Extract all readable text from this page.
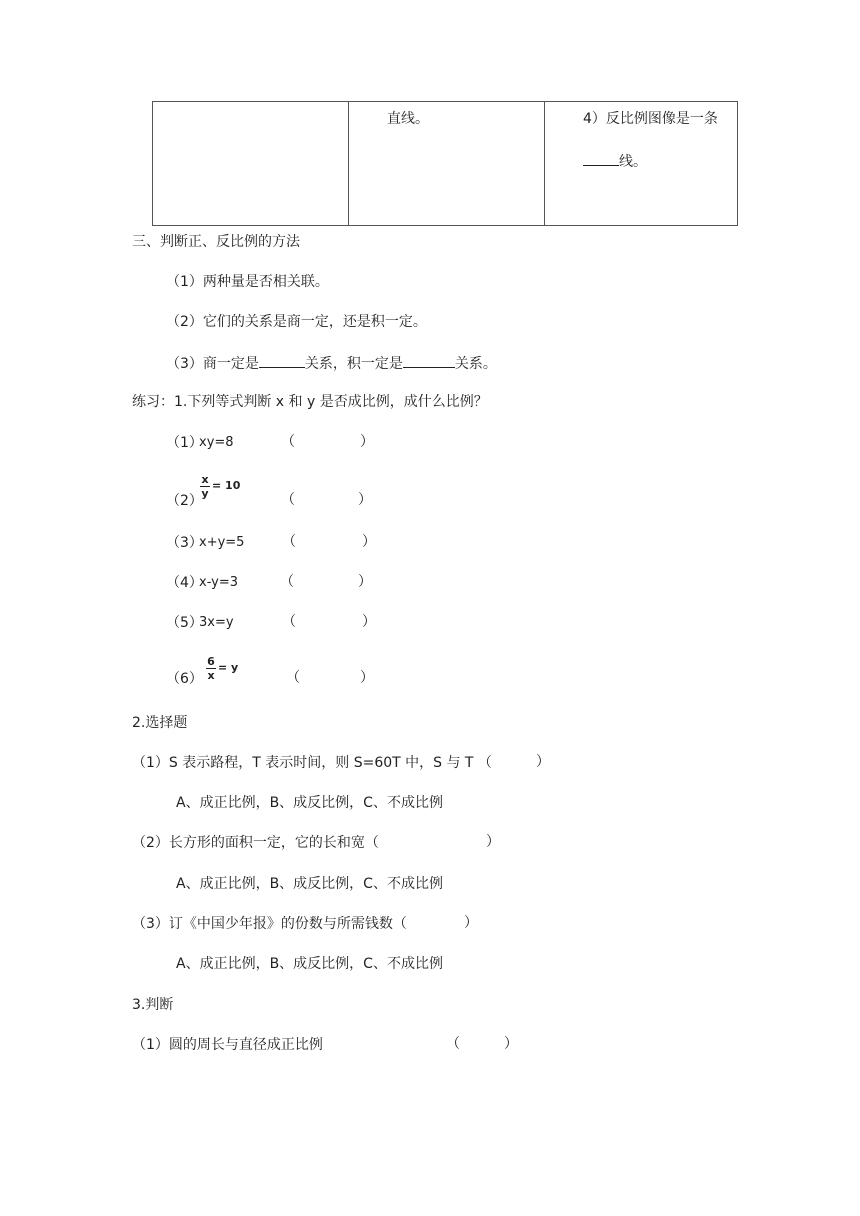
直线。	4）反比例图像是一条
线。
三、判断正、反比例的方法
（1）两种量是否相关联。
（2）它们的关系是商一定，还是积一定。
（3）商一定是	关系，积一定是	关系。
练习：1.下列等式判断 x 和 y 是否成比例，成什么比例？
（1）
xy=8	（	）
（2）
x
y
= 10
（	）
（3）
x+y=5	（	）
（4）
x-y=3	（	）
（5）
3x=y	（	）
（6）
6
x
= y
（	）
2.选择题
（1）S 表示路程，T 表示时间，则 S=60T 中，S 与 T （	）
A、成正比例，B、成反比例，C、不成比例
（2）长方形的面积一定，它的长和宽（	）
A、成正比例，B、成反比例，C、不成比例
（3）订《中国少年报》的份数与所需钱数（	）
A、成正比例，B、成反比例，C、不成比例
3.判断
（1）圆的周长与直径成正比例	（	）
